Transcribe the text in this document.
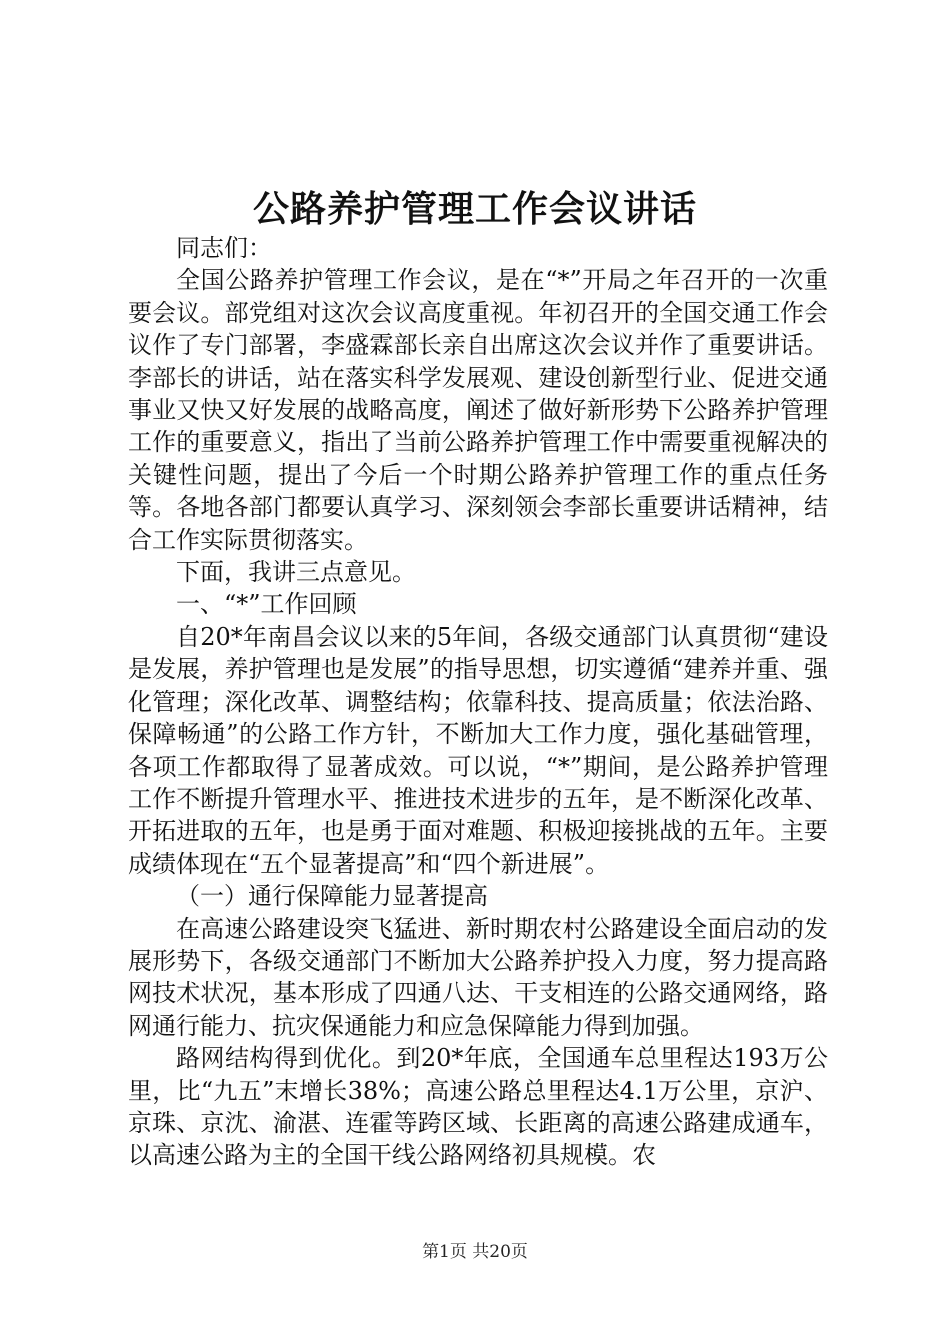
公路养护管理工作会议讲话

同志们：

全国公路养护管理工作会议，是在“*”开局之年召开的一次重要会议。部党组对这次会议高度重视。年初召开的全国交通工作会议作了专门部署，李盛霖部长亲自出席这次会议并作了重要讲话。李部长的讲话，站在落实科学发展观、建设创新型行业、促进交通事业又快又好发展的战略高度，阐述了做好新形势下公路养护管理工作的重要意义，指出了当前公路养护管理工作中需要重视解决的关键性问题，提出了今后一个时期公路养护管理工作的重点任务等。各地各部门都要认真学习、深刻领会李部长重要讲话精神，结合工作实际贯彻落实。

下面，我讲三点意见。

一、“*”工作回顾

自20*年南昌会议以来的5年间，各级交通部门认真贯彻“建设是发展，养护管理也是发展”的指导思想，切实遵循“建养并重、强化管理；深化改革、调整结构；依靠科技、提高质量；依法治路、保障畅通”的公路工作方针，不断加大工作力度，强化基础管理，各项工作都取得了显著成效。可以说，“*”期间，是公路养护管理工作不断提升管理水平、推进技术进步的五年，是不断深化改革、开拓进取的五年，也是勇于面对难题、积极迎接挑战的五年。主要成绩体现在“五个显著提高”和“四个新进展”。

（一）通行保障能力显著提高

在高速公路建设突飞猛进、新时期农村公路建设全面启动的发展形势下，各级交通部门不断加大公路养护投入力度，努力提高路网技术状况，基本形成了四通八达、干支相连的公路交通网络，路网通行能力、抗灾保通能力和应急保障能力得到加强。

路网结构得到优化。到20*年底，全国通车总里程达193万公里，比“九五”末增长38%；高速公路总里程达4.1万公里，京沪、京珠、京沈、渝湛、连霍等跨区域、长距离的高速公路建成通车，以高速公路为主的全国干线公路网络初具规模。农

第1页 共20页
